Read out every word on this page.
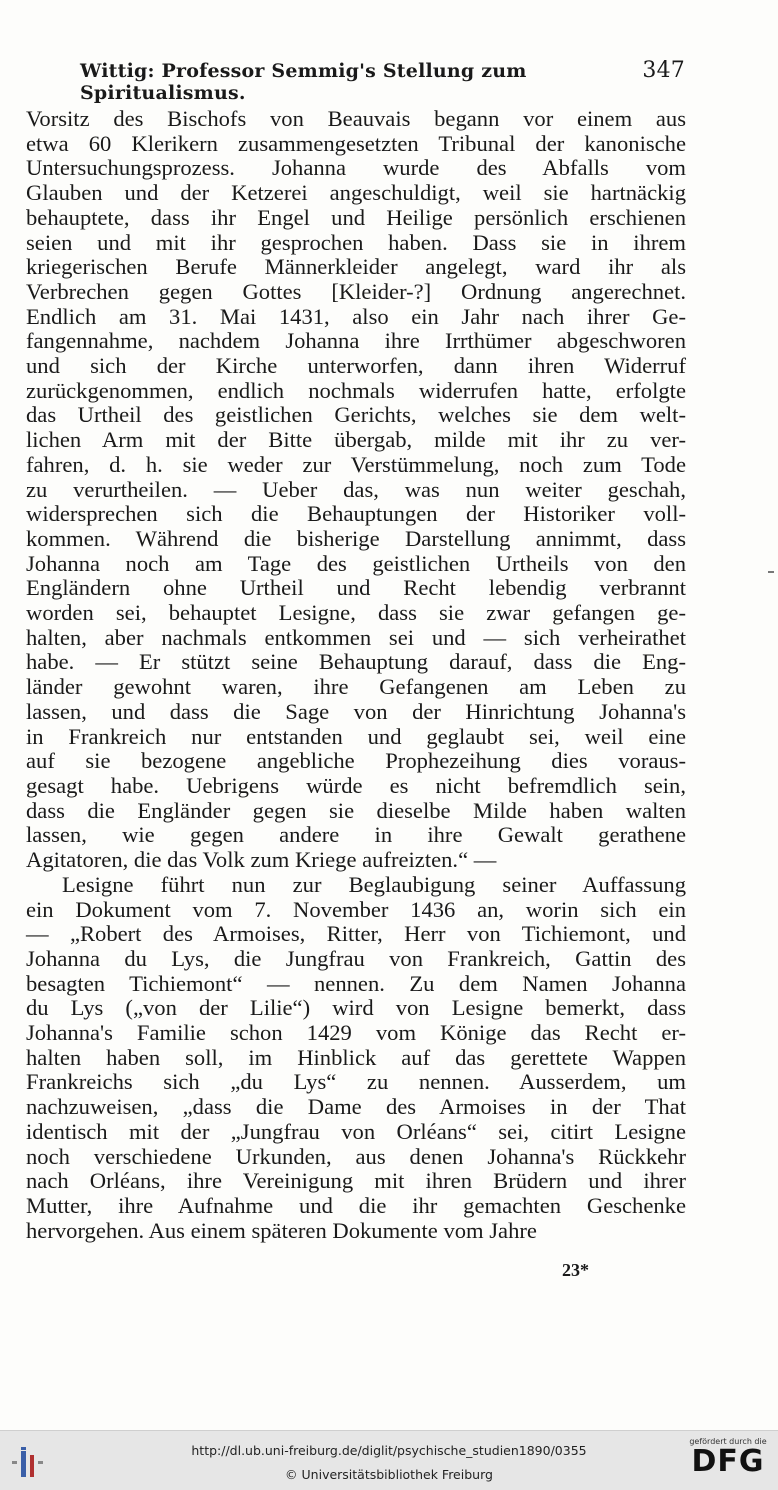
Wittig: Professor Semmig's Stellung zum Spiritualismus.
347
Vorsitz des Bischofs von Beauvais begann vor einem aus
etwa 60 Klerikern zusammengesetzten Tribunal der kanonische
Untersuchungsprozess. Johanna wurde des Abfalls vom
Glauben und der Ketzerei angeschuldigt, weil sie hartnäckig
behauptete, dass ihr Engel und Heilige persönlich erschienen
seien und mit ihr gesprochen haben. Dass sie in ihrem
kriegerischen Berufe Männerkleider angelegt, ward ihr als
Verbrechen gegen Gottes [Kleider-?] Ordnung angerechnet.
Endlich am 31. Mai 1431, also ein Jahr nach ihrer Ge-
fangennahme, nachdem Johanna ihre Irrthümer abgeschworen
und sich der Kirche unterworfen, dann ihren Widerruf
zurückgenommen, endlich nochmals widerrufen hatte, erfolgte
das Urtheil des geistlichen Gerichts, welches sie dem welt-
lichen Arm mit der Bitte übergab, milde mit ihr zu ver-
fahren, d. h. sie weder zur Verstümmelung, noch zum Tode
zu verurtheilen. — Ueber das, was nun weiter geschah,
widersprechen sich die Behauptungen der Historiker voll-
kommen. Während die bisherige Darstellung annimmt, dass
Johanna noch am Tage des geistlichen Urtheils von den
Engländern ohne Urtheil und Recht lebendig verbrannt
worden sei, behauptet Lesigne, dass sie zwar gefangen ge-
halten, aber nachmals entkommen sei und — sich verheirathet
habe. — Er stützt seine Behauptung darauf, dass die Eng-
länder gewohnt waren, ihre Gefangenen am Leben zu
lassen, und dass die Sage von der Hinrichtung Johanna's
in Frankreich nur entstanden und geglaubt sei, weil eine
auf sie bezogene angebliche Prophezeihung dies voraus-
gesagt habe. Uebrigens würde es nicht befremdlich sein,
dass die Engländer gegen sie dieselbe Milde haben walten
lassen, wie gegen andere in ihre Gewalt gerathene
Agitatoren, die das Volk zum Kriege aufreizten.“ —
Lesigne führt nun zur Beglaubigung seiner Auffassung
ein Dokument vom 7. November 1436 an, worin sich ein
— „Robert des Armoises, Ritter, Herr von Tichiemont, und
Johanna du Lys, die Jungfrau von Frankreich, Gattin des
besagten Tichiemont“ — nennen. Zu dem Namen Johanna
du Lys („von der Lilie“) wird von Lesigne bemerkt, dass
Johanna's Familie schon 1429 vom Könige das Recht er-
halten haben soll, im Hinblick auf das gerettete Wappen
Frankreichs sich „du Lys“ zu nennen. Ausserdem, um
nachzuweisen, „dass die Dame des Armoises in der That
identisch mit der „Jungfrau von Orléans“ sei, citirt Lesigne
noch verschiedene Urkunden, aus denen Johanna's Rückkehr
nach Orléans, ihre Vereinigung mit ihren Brüdern und ihrer
Mutter, ihre Aufnahme und die ihr gemachten Geschenke
hervorgehen. Aus einem späteren Dokumente vom Jahre
23*
http://dl.ub.uni-freiburg.de/diglit/psychische_studien1890/0355
© Universitätsbibliothek Freiburg
gefördert durch die
DFG
